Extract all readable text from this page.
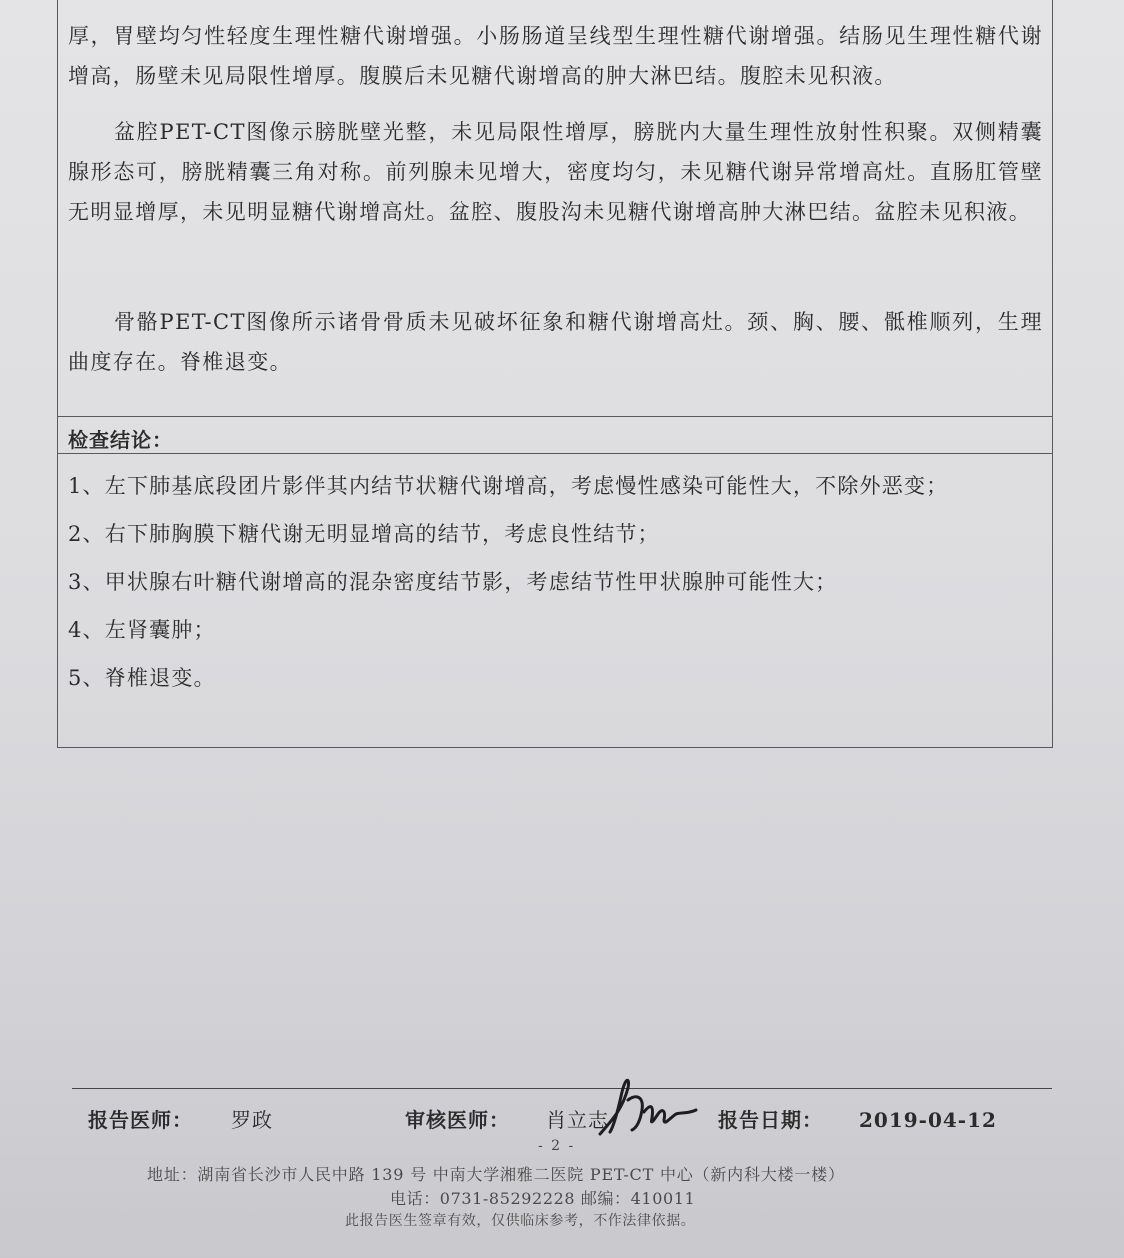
厚，胃壁均匀性轻度生理性糖代谢增强。小肠肠道呈线型生理性糖代谢增强。结肠见生理性糖代谢增高，肠壁未见局限性增厚。腹膜后未见糖代谢增高的肿大淋巴结。腹腔未见积液。

盆腔PET-CT图像示膀胱壁光整，未见局限性增厚，膀胱内大量生理性放射性积聚。双侧精囊腺形态可，膀胱精囊三角对称。前列腺未见增大，密度均匀，未见糖代谢异常增高灶。直肠肛管壁无明显增厚，未见明显糖代谢增高灶。盆腔、腹股沟未见糖代谢增高肿大淋巴结。盆腔未见积液。

骨骼PET-CT图像所示诸骨骨质未见破坏征象和糖代谢增高灶。颈、胸、腰、骶椎顺列，生理曲度存在。脊椎退变。

检查结论：
1、左下肺基底段团片影伴其内结节状糖代谢增高，考虑慢性感染可能性大，不除外恶变；
2、右下肺胸膜下糖代谢无明显增高的结节，考虑良性结节；
3、甲状腺右叶糖代谢增高的混杂密度结节影，考虑结节性甲状腺肿可能性大；
4、左肾囊肿；
5、脊椎退变。
报告医师： 罗政	审核医师： 肖立志	报告日期： 2019-04-12
- 2 -
地址：湖南省长沙市人民中路 139 号 中南大学湘雅二医院 PET-CT 中心（新内科大楼一楼）
电话：0731-85292228 邮编：410011
此报告医生签章有效，仅供临床参考，不作法律依据。
